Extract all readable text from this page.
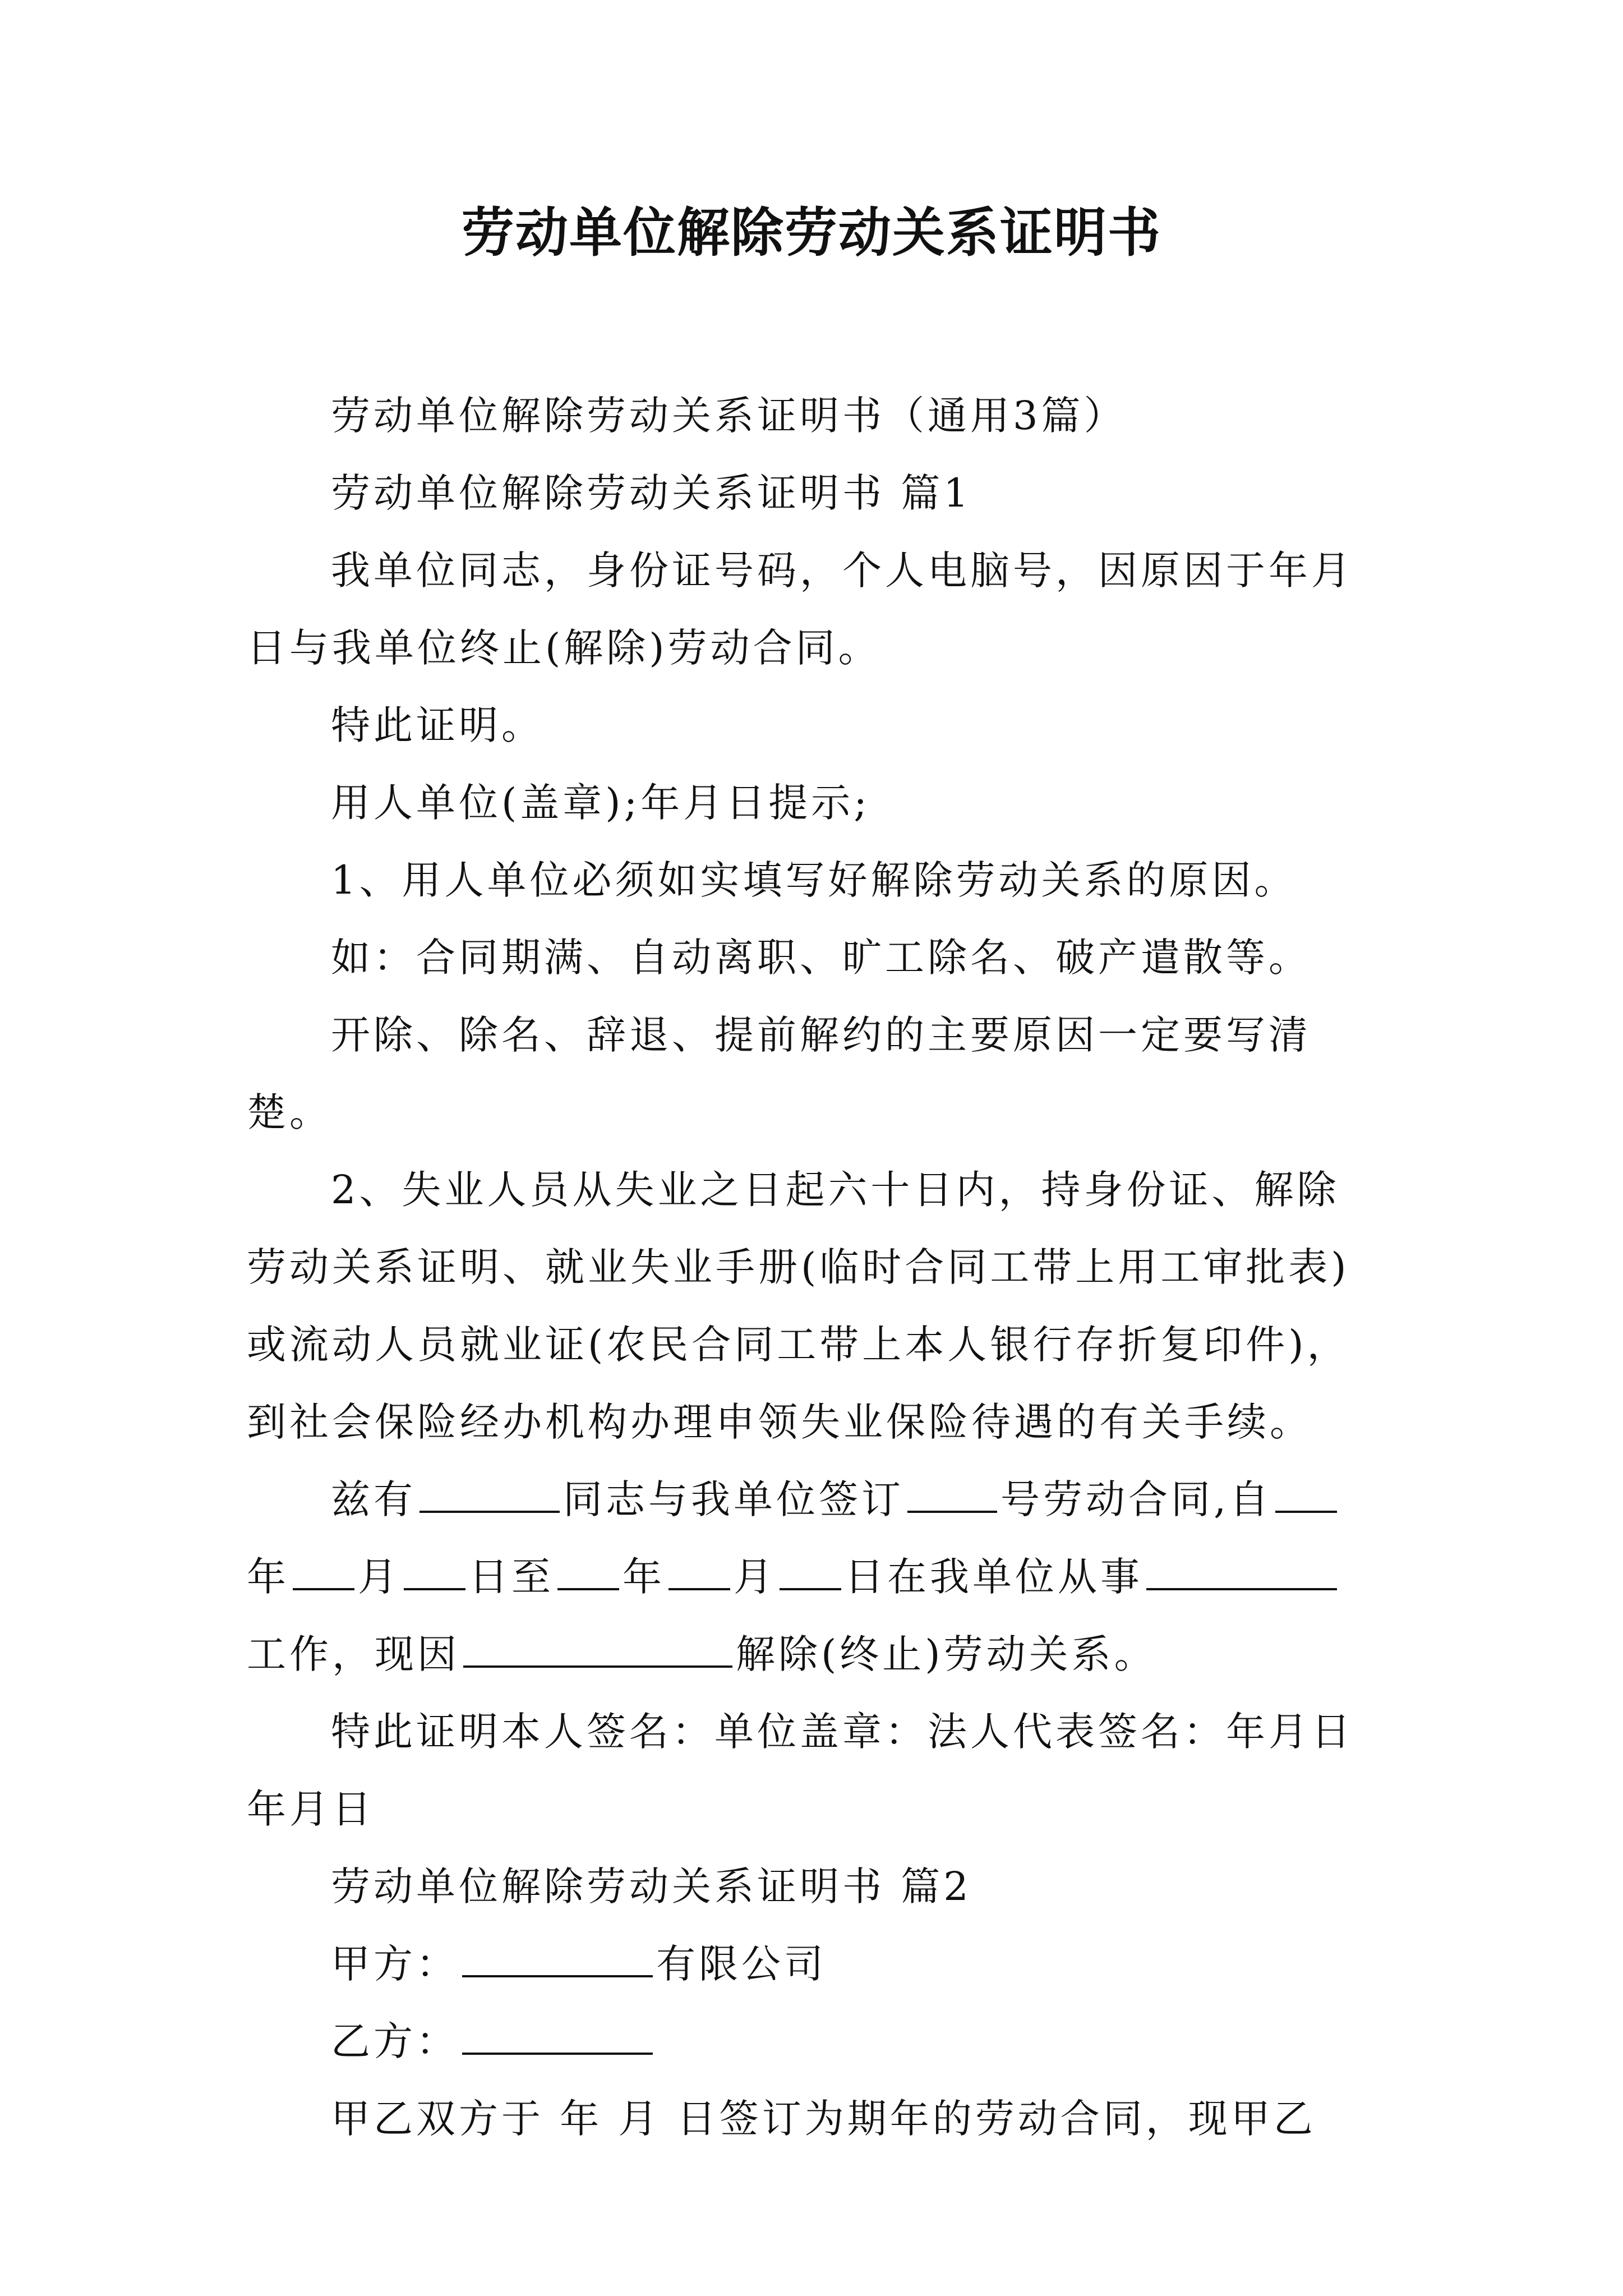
劳动单位解除劳动关系证明书

劳动单位解除劳动关系证明书（通用3篇）

劳动单位解除劳动关系证明书 篇1

我单位同志，身份证号码，个人电脑号，因原因于年月日与我单位终止(解除)劳动合同。

特此证明。

用人单位(盖章);年月日提示;

1、用人单位必须如实填写好解除劳动关系的原因。

如：合同期满、自动离职、旷工除名、破产遣散等。

开除、除名、辞退、提前解约的主要原因一定要写清楚。

2、失业人员从失业之日起六十日内，持身份证、解除劳动关系证明、就业失业手册(临时合同工带上用工审批表)或流动人员就业证(农民合同工带上本人银行存折复印件)，到社会保险经办机构办理申领失业保险待遇的有关手续。

兹有	同志与我单位签订 号劳动合同,自年 月 日至 年 月 日在我单位从事工作，现因	解除(终止)劳动关系。

特此证明本人签名：单位盖章：法人代表签名：年月日年月日

劳动单位解除劳动关系证明书 篇2

甲方：	有限公司

乙方：

甲乙双方于 年 月 日签订为期年的劳动合同，现甲乙
